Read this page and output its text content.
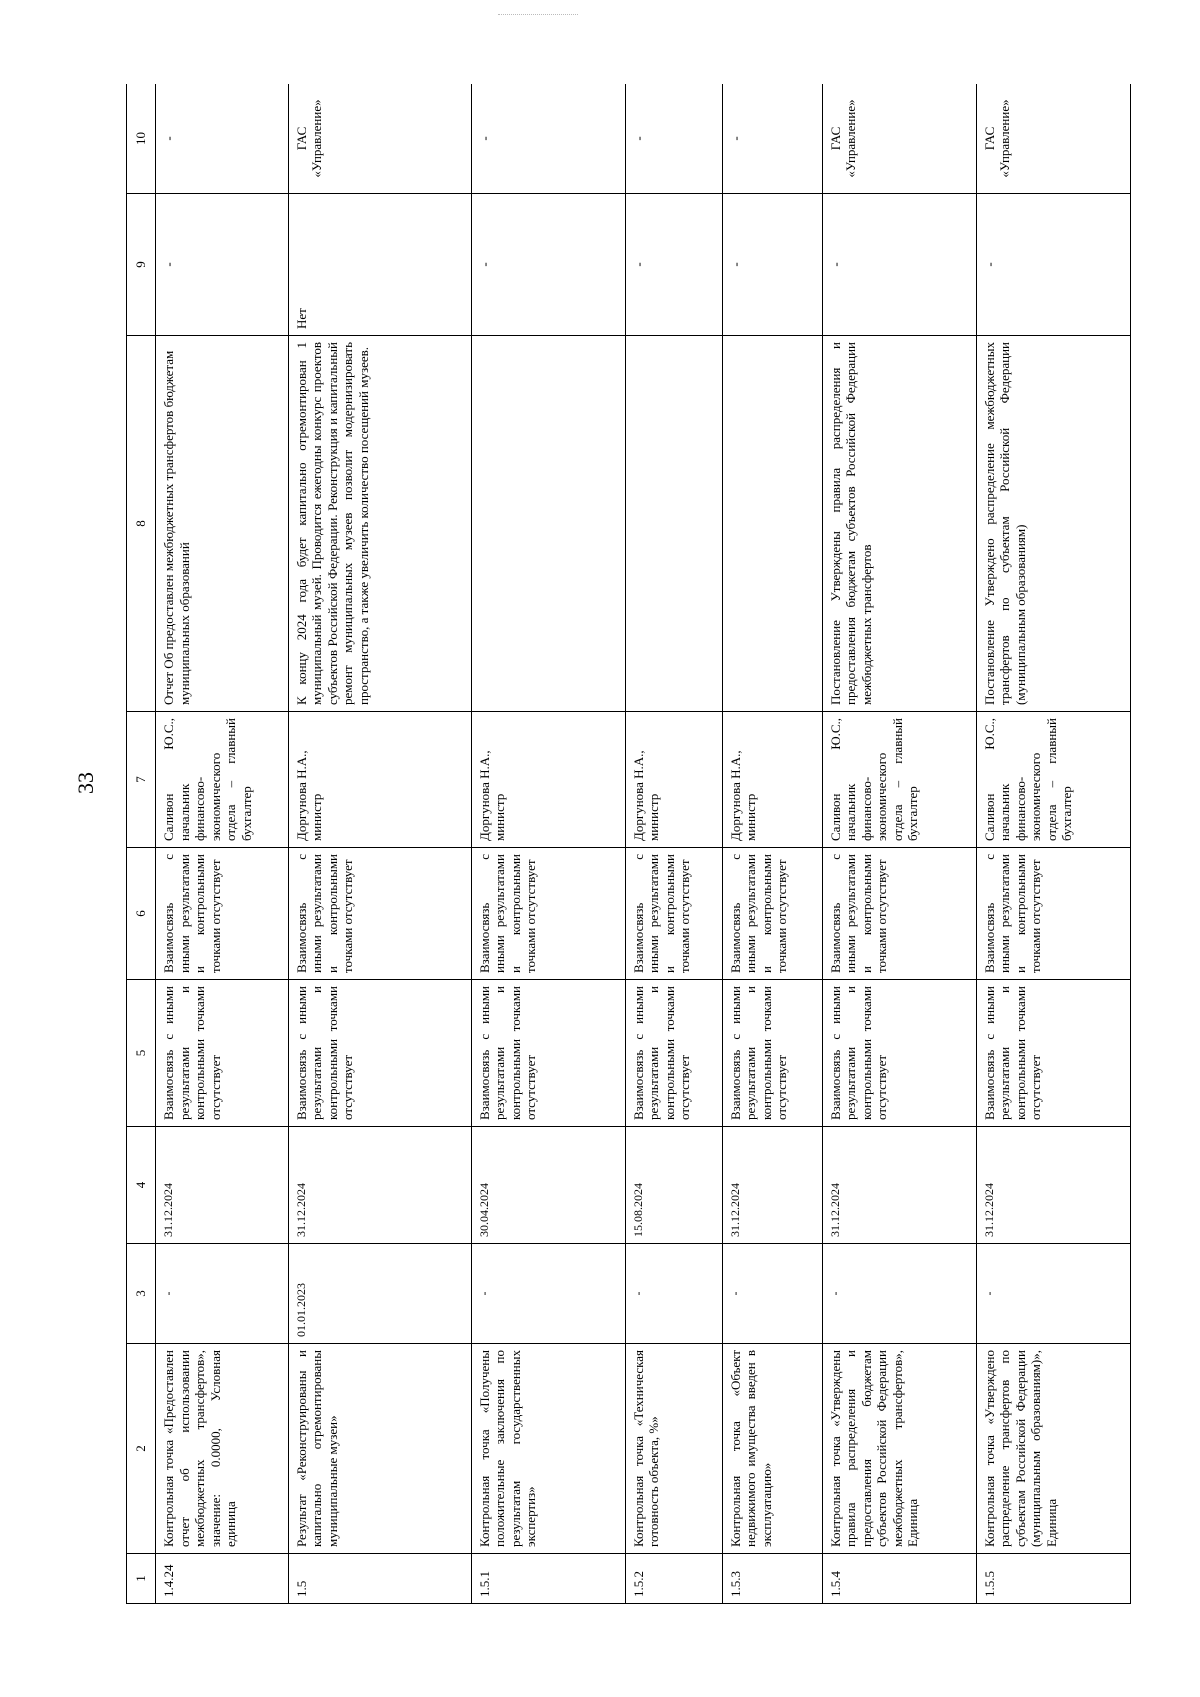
33
1	2	3	4	5	6	7	8	9	10
1.4.24	Контрольная точка «Предоставлен отчет об использовании межбюджетных трансфертов», значение: 0.0000, Условная единица	-	31.12.2024	Взаимосвязь с иными результатами и контрольными точками отсутствует	Взаимосвязь с иными результатами и контрольными точками отсутствует	Саливон Ю.С., начальник финансово-экономического отдела – главный бухгалтер	Отчет Об предоставлен межбюджетных трансфертов бюджетам муниципальных образований	-	-
1.5	Результат «Реконструированы и капитально отремонтированы муниципальные музеи»	01.01.2023	31.12.2024	Взаимосвязь с иными результатами и контрольными точками отсутствует	Взаимосвязь с иными результатами и контрольными точками отсутствует	Доргунова Н.А., министр	К концу 2024 года будет капитально отремонтирован 1 муниципальный музей. Проводится ежегодны конкурс проектов субъектов Российской Федерации. Реконструкция и капитальный ремонт муниципальных музеев позволит модернизировать пространство, а также увеличить количество посещений музеев.	Нет	ГАС «Управление»
1.5.1	Контрольная точка «Получены положительные заключения по результатам государственных экспертиз»	-	30.04.2024	Взаимосвязь с иными результатами и контрольными точками отсутствует	Взаимосвязь с иными результатами и контрольными точками отсутствует	Доргунова Н.А., министр		-	-
1.5.2	Контрольная точка «Техническая готовность объекта, %»	-	15.08.2024	Взаимосвязь с иными результатами и контрольными точками отсутствует	Взаимосвязь с иными результатами и контрольными точками отсутствует	Доргунова Н.А., министр		-	-
1.5.3	Контрольная точка «Объект недвижимого имущества введен в эксплуатацию»	-	31.12.2024	Взаимосвязь с иными результатами и контрольными точками отсутствует	Взаимосвязь с иными результатами и контрольными точками отсутствует	Доргунова Н.А., министр		-	-
1.5.4	Контрольная точка «Утверждены правила распределения и предоставления бюджетам субъектов Российской Федерации межбюджетных трансфертов», Единица	-	31.12.2024	Взаимосвязь с иными результатами и контрольными точками отсутствует	Взаимосвязь с иными результатами и контрольными точками отсутствует	Саливон Ю.С., начальник финансово-экономического отдела – главный бухгалтер	Постановление Утверждены правила распределения и предоставления бюджетам субъектов Российской Федерации межбюджетных трансфертов	-	ГАС «Управление»
1.5.5	Контрольная точка «Утверждено распределение трансфертов по субъектам Российской Федерации (муниципальным образованиям)», Единица	-	31.12.2024	Взаимосвязь с иными результатами и контрольными точками отсутствует	Взаимосвязь с иными результатами и контрольными точками отсутствует	Саливон Ю.С., начальник финансово-экономического отдела – главный бухгалтер	Постановление Утверждено распределение межбюджетных трансфертов по субъектам Российской Федерации (муниципальным образованиям)	-	ГАС «Управление»
